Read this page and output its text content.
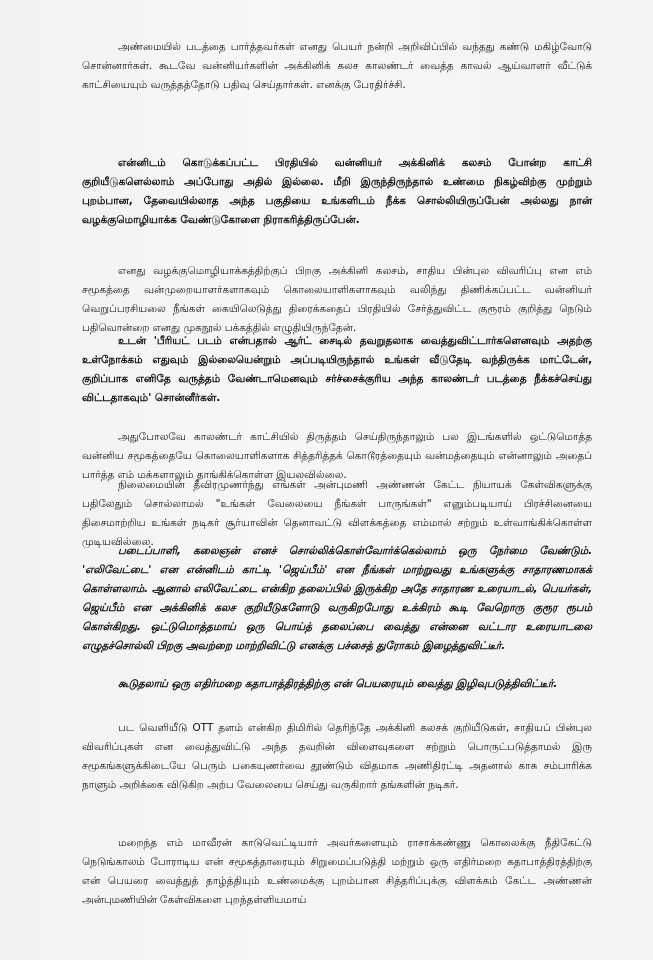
அண்மையில் படத்தை பார்த்தவர்கள் எனது பெயர் நன்றி அறிவிப்பில் வந்தது கண்டு மகிழ்வோடு சொன்னார்கள். கூடவே வன்னியர்களின் அக்கினிக் கலச காலண்டர் வைத்த காவல் ஆய்வாளர் வீட்டுக் காட்சியையும் வருத்தத்தோடு பதிவு செய்தார்கள். எனக்கு பேரதிர்ச்சி.

என்னிடம் கொடுக்கப்பட்ட பிரதியில் வன்னியர் அக்கினிக் கலசம் போன்ற காட்சி குறியீடுகளெல்லாம் அப்போது அதில் இல்லை. மீறி இருந்திருந்தால் உண்மை நிகழ்விற்கு முற்றும் புறம்பான, தேவையில்லாத அந்த பகுதியை உங்களிடம் நீக்க சொல்லியிருப்பேன் அல்லது நான் வழக்குமொழியாக்க வேண்டுகோளை நிராகரித்திருப்பேன்.

எனது வழக்குமொழியாக்கத்திற்குப் பிறகு அக்கினி கலசம், சாதிய பின்புல விவரிப்பு என எம் சமூகத்தை வன்முறையாளர்களாகவும் கொலையாளிகளாகவும் வலிந்து திணிக்கப்பட்ட வன்னியர் வெறுப்பரசியலை நீங்கள் கையிலெடுத்து திரைக்கதைப் பிரதியில் சேர்த்துவிட்ட குரூரம் குறித்து நெடும் பதிவொன்றை எனது முகநூல் பக்கத்தில் எழுதியிருந்தேன்.

உடன் 'பீரியட் படம் என்பதால் ஆர்ட் சைடில் தவறுதலாக வைத்துவிட்டார்களெனவும் அதற்கு உள்நோக்கம் எதுவும் இல்லையென்றும் அப்படியிருந்தால் உங்கள் வீடுதேடி வந்திருக்க மாட்டேன், குறிப்பாக எனிதே வருத்தம் வேண்டாமெனவும் சர்ச்சைக்குரிய அந்த காலண்டர் படத்தை நீக்கச்செய்து விட்டதாகவும்' சொன்னீர்கள்.

அதுபோலவே காலண்டர் காட்சியில் திருத்தம் செய்திருந்தாலும் பல இடங்களில் ஒட்டுமொத்த வன்னிய சமூகத்தையே கொலையாளிகளாக சித்தரித்தக் கொடூரத்தையும் வன்மத்தையும் என்னாலும் அதைப் பார்த்த எம் மக்களாலும் தாங்கிக்கொள்ள இயலவில்லை.

நிலைமையின் தீவிரமுணர்ந்து எங்கள் அன்புமணி அண்ணன் கேட்ட நியாயக் கேள்விகளுக்கு பதிலேதும் சொல்லாமல் "உங்கள் வேலையை நீங்கள் பாருங்கள்" எனும்படியாய் பிரச்சினையை திசைமாற்றிய உங்கள் நடிகர் சூர்யாவின் தெனாவட்டு விளக்கத்தை எம்மால் சற்றும் உள்வாங்கிக்கொள்ள முடியவில்லை.

படைப்பாளி, கலைஞன் எனச் சொல்லிக்கொள்வோர்க்கெல்லாம் ஒரு நேர்மை வேண்டும். 'எலிவேட்டை' என என்னிடம் காட்டி 'ஜெய்பீம்' என நீங்கள் மாற்றுவது உங்களுக்கு சாதாரணமாகக் கொள்ளலாம். ஆனால் எலிவேட்டை என்கிற தலைப்பில் இருக்கிற அதே சாதாரண உரையாடல், பெயர்கள், ஜெய்பீம் என அக்கினிக் கலச குறியீடுகளோடு வருகிறபோது உக்கிரம் கூடி வேறொரு குரூர ரூபம் கொள்கிறது. ஒட்டுமொத்தமாய் ஒரு பொய்த் தலைப்பை வைத்து என்னை வட்டார உரையாடலை எழுதச்சொல்லி பிறகு அவற்றை மாற்றிவிட்டு எனக்கு பச்சைத் துரோகம் இழைத்துவிட்டீர்.

கூடுதலாய் ஒரு எதிர்மறை கதாபாத்திரத்திற்கு என் பெயரையும் வைத்து இழிவுபடுத்திவிட்டீர்.

பட வெளியீடு OTT தளம் என்கிற திமிரில் தெரிந்தே அக்கினி கலசக் குறியீடுகள், சாதியப் பின்புல விவரிப்புகள் என வைத்துவிட்டு அந்த தவறின் விளைவுகளை சற்றும் பொருட்படுத்தாமல் இரு சமூகங்களுக்கிடையே பெரும் பகையுணர்வை தூண்டும் விதமாக அணிதிரட்டி அதனால் காசு சம்பாரிக்க நாளும் அறிக்கை விடுகிற அற்ப வேலையை செய்து வருகிறார் தங்களின் நடிகர்.

மறைந்த எம் மாவீரன் காடுவெட்டியார் அவர்களையும் ராசாக்கண்ணு கொலைக்கு நீதிகேட்டு நெடுங்காலம் போராடிய என் சமூகத்தாரையும் சிறுமைப்படுத்தி மற்றும் ஒரு எதிர்மறை கதாபாத்திரத்திற்கு என் பெயரை வைத்துத் தாழ்த்தியும் உண்மைக்கு புறம்பான சித்தரிப்புக்கு விளக்கம் கேட்ட அண்ணன் அன்புமணியின் கேள்விகளை புறந்தள்ளியமாய்
